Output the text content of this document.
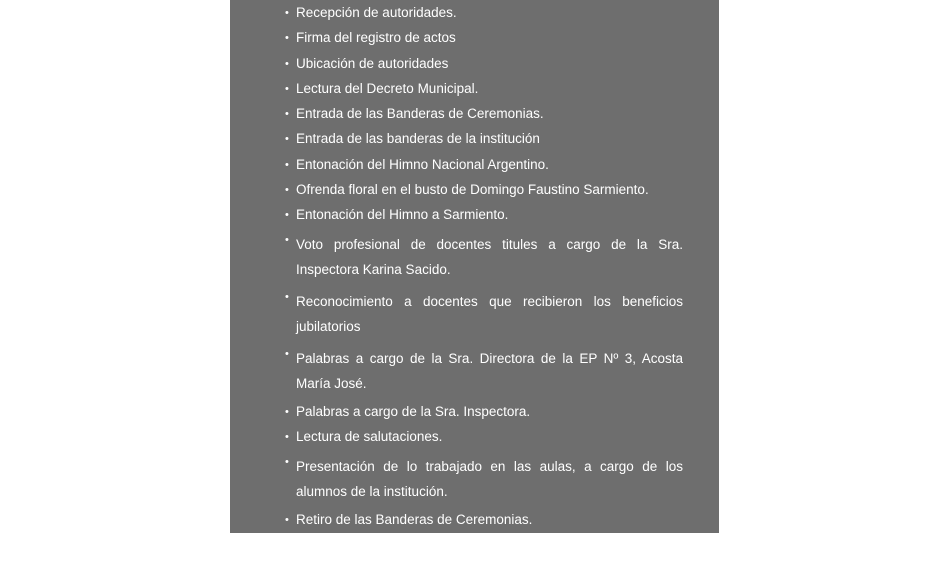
• Recepción de autoridades.
• Firma del registro de actos
• Ubicación de autoridades
• Lectura del Decreto Municipal.
• Entrada de las Banderas de Ceremonias.
• Entrada de las banderas de la institución
• Entonación del Himno Nacional Argentino.
• Ofrenda floral en el busto de Domingo Faustino Sarmiento.
• Entonación del Himno a Sarmiento.
• Voto profesional de docentes titules a cargo de la Sra. Inspectora Karina Sacido.
• Reconocimiento a docentes que recibieron los beneficios jubilatorios
• Palabras a cargo de la Sra. Directora de la EP Nº 3, Acosta María José.
• Palabras a cargo de la Sra. Inspectora.
• Lectura de salutaciones.
• Presentación de lo trabajado en las aulas, a cargo de los alumnos de la institución.
• Retiro de las Banderas de Ceremonias.
• Desconcentración.
